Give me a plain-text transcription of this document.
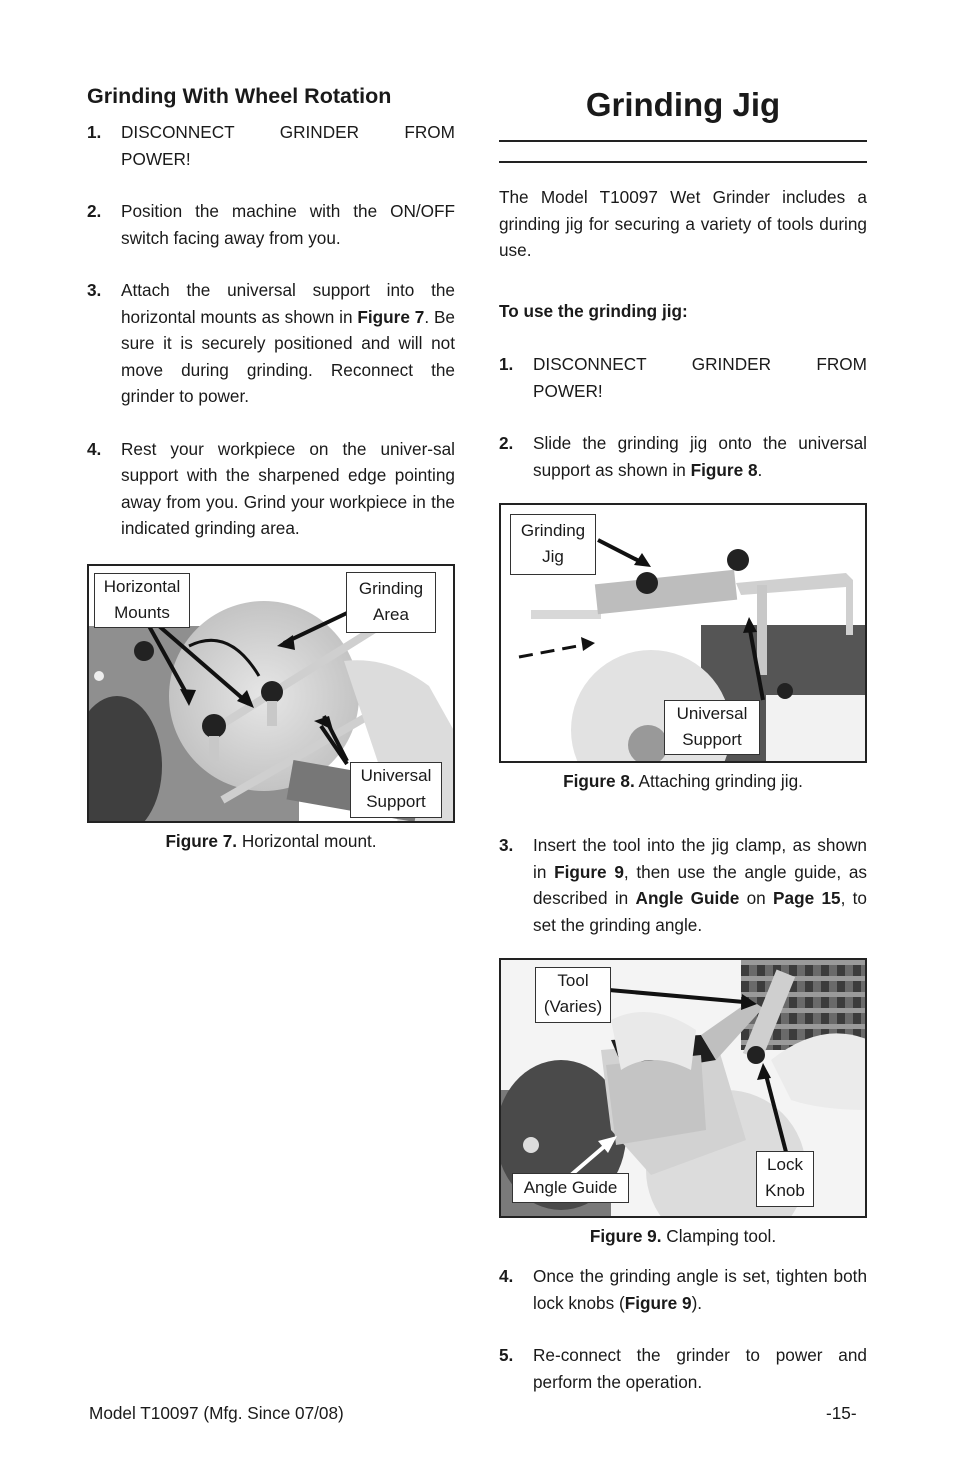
Grinding With Wheel Rotation
1.	DISCONNECT GRINDER FROM
POWER!
2.	Position the machine with the ON/OFF switch facing away from you.
3.	Attach the universal support into the horizontal mounts as shown in Figure 7. Be sure it is securely positioned and will not move during grinding. Reconnect the grinder to power.
4.	Rest your workpiece on the univer-sal support with the sharpened edge pointing away from you. Grind your workpiece in the indicated grinding area.
Horizontal
Mounts
Grinding
Area
Universal
Support
Figure 7. Horizontal mount.
Grinding Jig
The Model T10097 Wet Grinder includes a grinding jig for securing a variety of tools during use.
To use the grinding jig:
1.	DISCONNECT GRINDER FROM
POWER!
2.	Slide the grinding jig onto the universal support as shown in Figure 8.
Grinding
Jig
Universal
Support
Figure 8. Attaching grinding jig.
3.	Insert the tool into the jig clamp, as shown in Figure 9, then use the angle guide, as described in Angle Guide on Page 15, to set the grinding angle.
Tool
(Varies)
Lock
Knob
Angle Guide
Figure 9. Clamping tool.
4.	Once the grinding angle is set, tighten both lock knobs (Figure 9).
5.	Re-connect the grinder to power and perform the operation.
Model T10097 (Mfg. Since 07/08)	-15-
